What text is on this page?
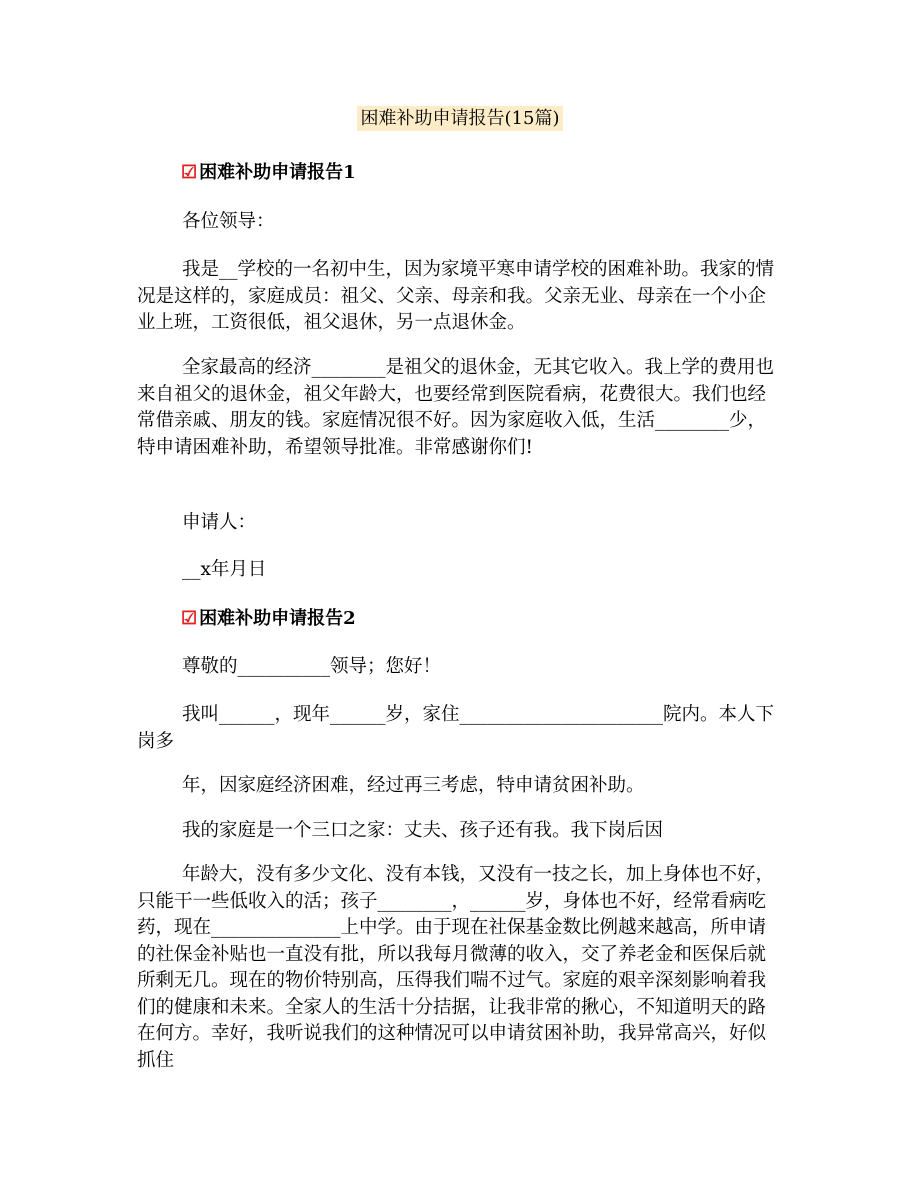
困难补助申请报告(15篇)
☑ 困难补助申请报告1
各位领导：
我是__学校的一名初中生，因为家境平寒申请学校的困难补助。我家的情况是这样的，家庭成员：祖父、父亲、母亲和我。父亲无业、母亲在一个小企业上班，工资很低，祖父退休，另一点退休金。
全家最高的经济________是祖父的退休金，无其它收入。我上学的费用也来自祖父的退休金，祖父年龄大，也要经常到医院看病，花费很大。我们也经常借亲戚、朋友的钱。家庭情况很不好。因为家庭收入低，生活________少，特申请困难补助，希望领导批准。非常感谢你们!
申请人：
__x年月日
☑ 困难补助申请报告2
尊敬的__________领导；您好！
我叫______，现年______岁，家住______________________院内。本人下岗多
年，因家庭经济困难，经过再三考虑，特申请贫困补助。
我的家庭是一个三口之家：丈夫、孩子还有我。我下岗后因
年龄大，没有多少文化、没有本钱，又没有一技之长，加上身体也不好，只能干一些低收入的活；孩子________，______岁，身体也不好，经常看病吃药，现在______________上中学。由于现在社保基金数比例越来越高，所申请的社保金补贴也一直没有批，所以我每月微薄的收入，交了养老金和医保后就所剩无几。现在的物价特别高，压得我们喘不过气。家庭的艰辛深刻影响着我们的健康和未来。全家人的生活十分拮据，让我非常的揪心，不知道明天的路在何方。幸好，我听说我们的这种情况可以申请贫困补助，我异常高兴，好似抓住
